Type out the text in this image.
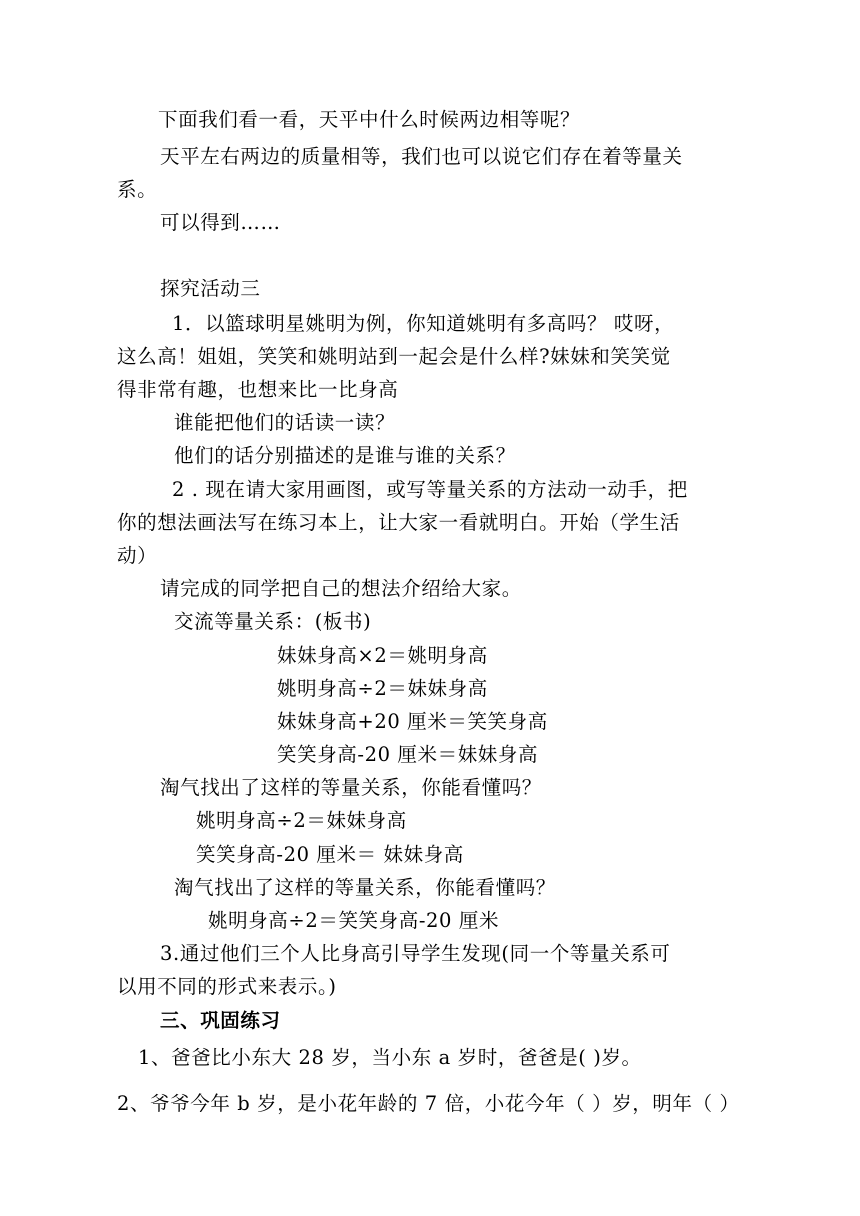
下面我们看一看，天平中什么时候两边相等呢？
天平左右两边的质量相等，我们也可以说它们存在着等量关
系。
可以得到……
探究活动三
1．以篮球明星姚明为例，你知道姚明有多高吗？ 哎呀，
这么高！姐姐，笑笑和姚明站到一起会是什么样?妹妹和笑笑觉
得非常有趣，也想来比一比身高
谁能把他们的话读一读？
他们的话分别描述的是谁与谁的关系？
2 . 现在请大家用画图，或写等量关系的方法动一动手，把
你的想法画法写在练习本上，让大家一看就明白。开始（学生活
动）
请完成的同学把自己的想法介绍给大家。
交流等量关系：(板书)
妹妹身高×2＝姚明身高
姚明身高÷2＝妹妹身高
妹妹身高+20 厘米＝笑笑身高
笑笑身高-20 厘米＝妹妹身高
淘气找出了这样的等量关系，你能看懂吗？
姚明身高÷2＝妹妹身高
笑笑身高-20 厘米＝ 妹妹身高
淘气找出了这样的等量关系，你能看懂吗？
姚明身高÷2＝笑笑身高-20 厘米
3.通过他们三个人比身高引导学生发现(同一个等量关系可
以用不同的形式来表示。)
三、巩固练习
1、爸爸比小东大 28 岁，当小东 a 岁时，爸爸是( )岁。
2、爷爷今年 b 岁，是小花年龄的 7 倍，小花今年（ ）岁，明年（ ）
